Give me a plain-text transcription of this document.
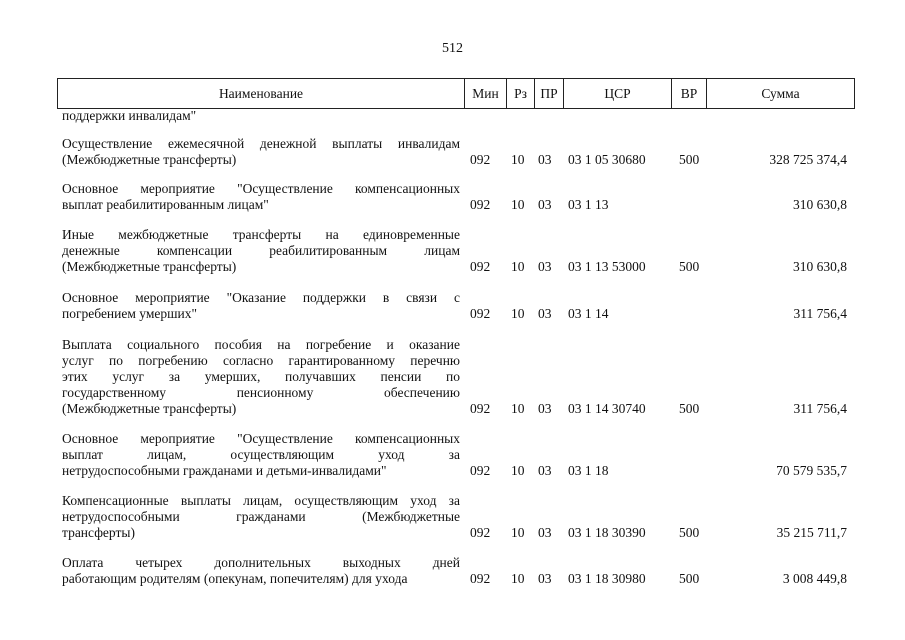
512
Наименование	Мин	Рз	ПР	ЦСР	ВР	Сумма
поддержки инвалидам"
Осуществление ежемесячной денежной выплаты инвалидам
(Межбюджетные трансферты)	092 10 03 03 1 05 30680 500	328 725 374,4
Основное мероприятие "Осуществление компенсационных
выплат реабилитированным лицам"	092 10 03 03 1 13	310 630,8
Иные межбюджетные трансферты на единовременные
денежные компенсации реабилитированным лицам
(Межбюджетные трансферты)	092 10 03 03 1 13 53000 500	310 630,8
Основное мероприятие "Оказание поддержки в связи с
погребением умерших"	092 10 03 03 1 14	311 756,4
Выплата социального пособия на погребение и оказание
услуг по погребению согласно гарантированному перечню
этих услуг за умерших, получавших пенсии по
государственному пенсионному обеспечению
(Межбюджетные трансферты)	092 10 03 03 1 14 30740 500	311 756,4
Основное мероприятие "Осуществление компенсационных
выплат лицам, осуществляющим уход за
нетрудоспособными гражданами и детьми-инвалидами"	092 10 03 03 1 18	70 579 535,7
Компенсационные выплаты лицам, осуществляющим уход за
нетрудоспособными гражданами (Межбюджетные
трансферты)	092 10 03 03 1 18 30390 500	35 215 711,7
Оплата четырех дополнительных выходных дней
работающим родителям (опекунам, попечителям) для ухода	092 10 03 03 1 18 30980 500	3 008 449,8
